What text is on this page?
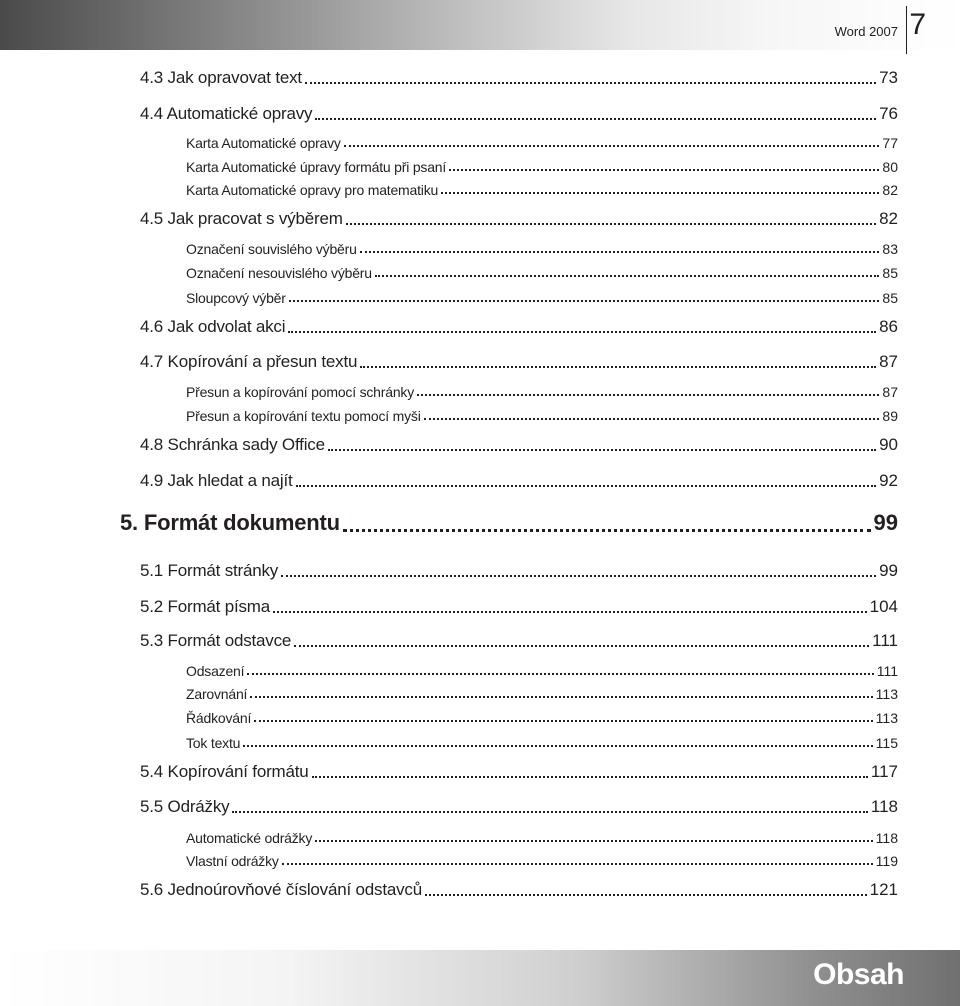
Word 2007 7
4.3 Jak opravovat text	73
4.4 Automatické opravy	76
Karta Automatické opravy	77
Karta Automatické úpravy formátu při psaní	80
Karta Automatické opravy pro matematiku	82
4.5 Jak pracovat s výběrem	82
Označení souvislého výběru	83
Označení nesouvislého výběru	85
Sloupcový výběr	85
4.6 Jak odvolat akci	86
4.7 Kopírování a přesun textu	87
Přesun a kopírování pomocí schránky	87
Přesun a kopírování textu pomocí myši	89
4.8 Schránka sady Office	90
4.9 Jak hledat a najít	92
5. Formát dokumentu	99
5.1 Formát stránky	99
5.2 Formát písma	104
5.3 Formát odstavce	111
Odsazení	111
Zarovnání	113
Řádkování	113
Tok textu	115
5.4 Kopírování formátu	117
5.5 Odrážky	118
Automatické odrážky	118
Vlastní odrážky	119
5.6 Jednoúrovňové číslování odstavců	121
Obsah
